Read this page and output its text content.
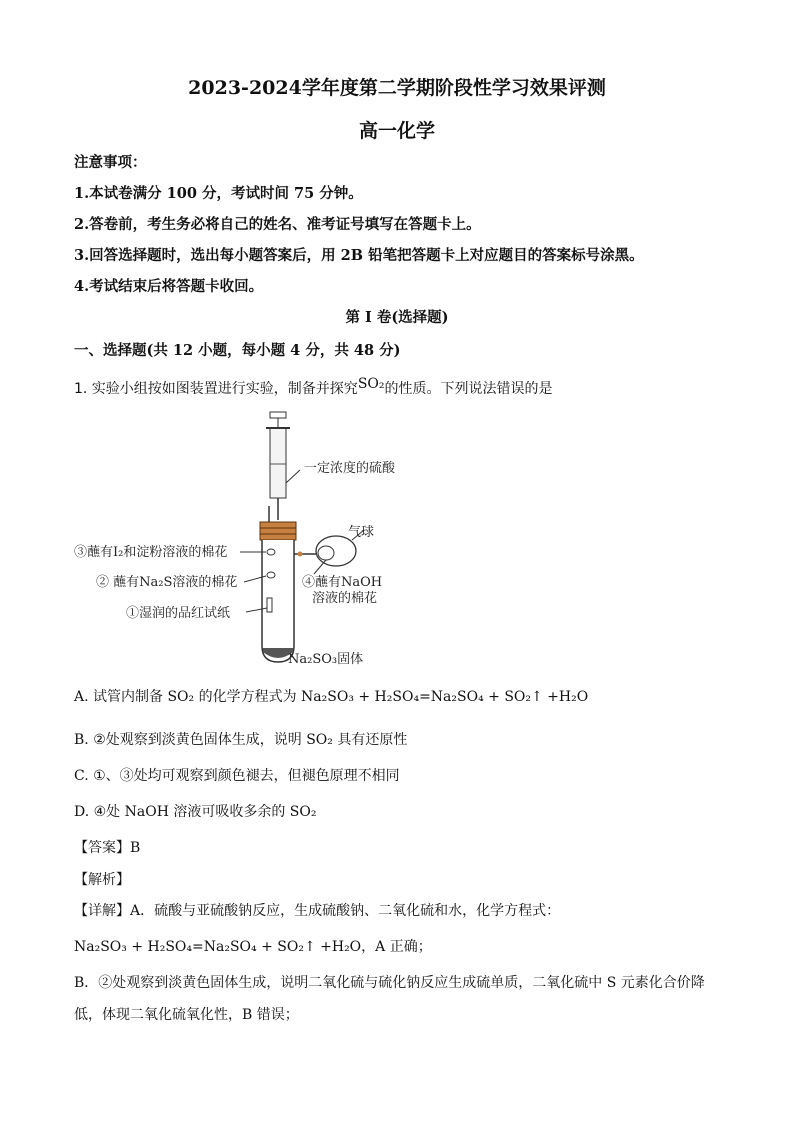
2023-2024学年度第二学期阶段性学习效果评测
高一化学
注意事项：
1.本试卷满分 100 分，考试时间 75 分钟。
2.答卷前，考生务必将自己的姓名、准考证号填写在答题卡上。
3.回答选择题时，选出每小题答案后，用 2B 铅笔把答题卡上对应题目的答案标号涂黑。
4.考试结束后将答题卡收回。
第 I 卷(选择题)
一、选择题(共 12 小题，每小题 4 分，共 48 分)
1. 实验小组按如图装置进行实验，制备并探究SO₂的性质。下列说法错误的是
一定浓度的硫酸
气球
④蘸有NaOH
溶液的棉花
③蘸有I₂和淀粉溶液的棉花
② 蘸有Na₂S溶液的棉花
①湿润的品红试纸
Na₂SO₃固体
A. 试管内制备 SO₂ 的化学方程式为 Na₂SO₃ + H₂SO₄=Na₂SO₄ + SO₂↑ +H₂O
B. ②处观察到淡黄色固体生成，说明 SO₂ 具有还原性
C. ①、③处均可观察到颜色褪去，但褪色原理不相同
D. ④处 NaOH 溶液可吸收多余的 SO₂
【答案】B
【解析】
【详解】A．硫酸与亚硫酸钠反应，生成硫酸钠、二氧化硫和水，化学方程式：
Na₂SO₃ + H₂SO₄=Na₂SO₄ + SO₂↑ +H₂O，A 正确；
B．②处观察到淡黄色固体生成，说明二氧化硫与硫化钠反应生成硫单质，二氧化硫中 S 元素化合价降
低，体现二氧化硫氧化性，B 错误；
